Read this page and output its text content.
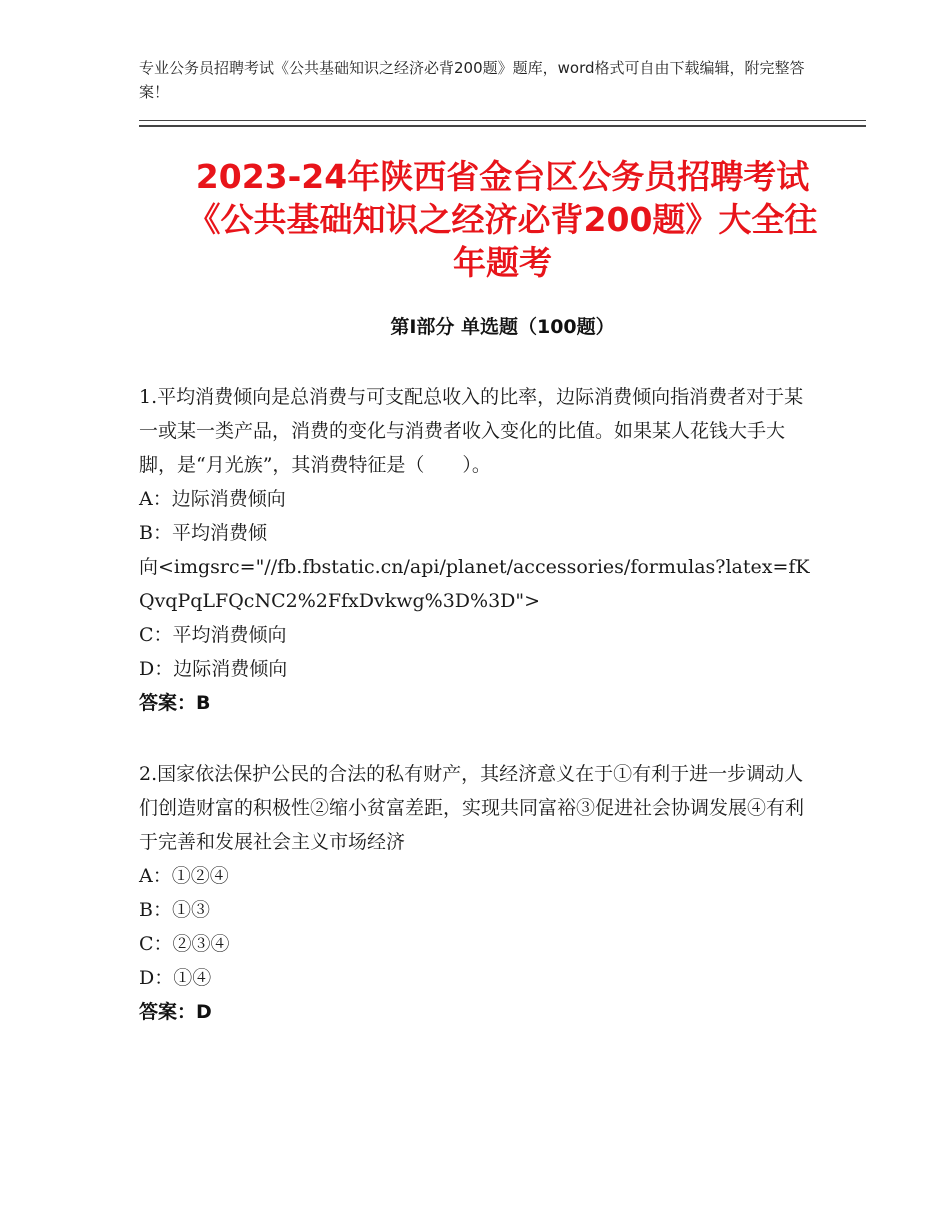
专业公务员招聘考试《公共基础知识之经济必背200题》题库，word格式可自由下载编辑，附完整答案！
2023-24年陕西省金台区公务员招聘考试
《公共基础知识之经济必背200题》大全往
年题考
第Ⅰ部分 单选题（100题）
1.平均消费倾向是总消费与可支配总收入的比率，边际消费倾向指消费者对于某一或某一类产品，消费的变化与消费者收入变化的比值。如果某人花钱大手大脚，是“月光族”，其消费特征是（　　）。
A：边际消费倾向
B：平均消费倾
向<imgsrc="//fb.fbstatic.cn/api/planet/accessories/formulas?latex=fKQvqPqLFQcNC2%2FfxDvkwg%3D%3D">
C：平均消费倾向
D：边际消费倾向
答案：B
2.国家依法保护公民的合法的私有财产，其经济意义在于①有利于进一步调动人们创造财富的积极性②缩小贫富差距，实现共同富裕③促进社会协调发展④有利于完善和发展社会主义市场经济
A：①②④
B：①③
C：②③④
D：①④
答案：D
